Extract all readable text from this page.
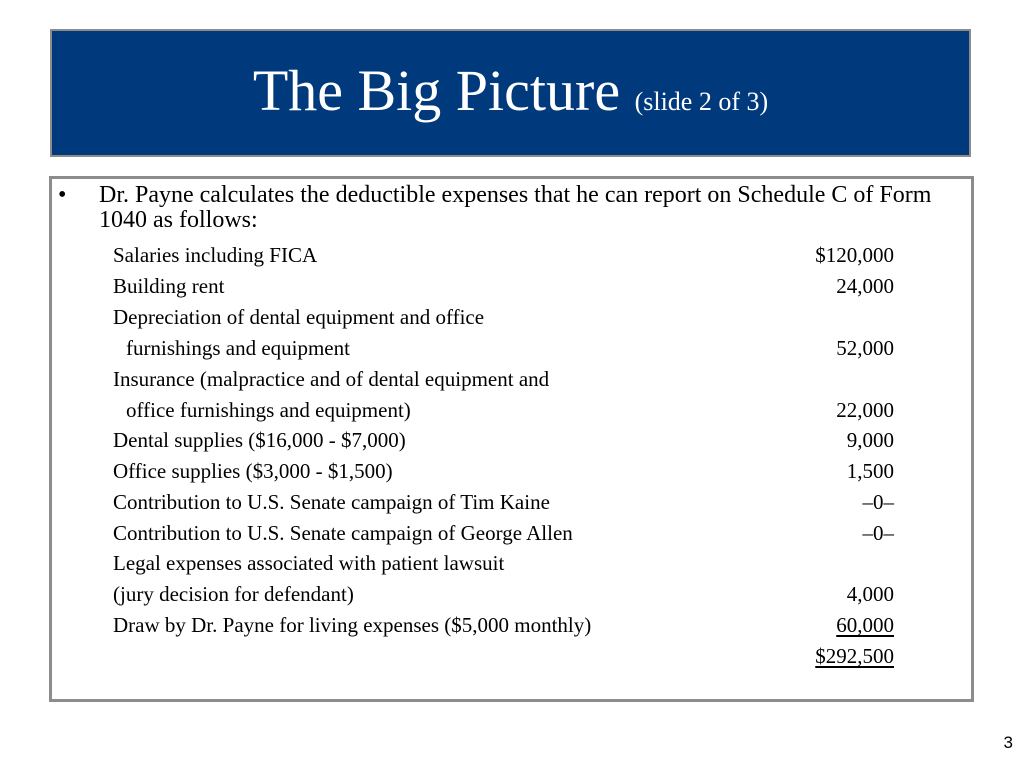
The Big Picture (slide 2 of 3)
• Dr. Payne calculates the deductible expenses that he can report on Schedule C of Form 1040 as follows:
Salaries including FICA	$120,000
Building rent	24,000
Depreciation of dental equipment and office
furnishings and equipment	52,000
Insurance (malpractice and of dental equipment and
office furnishings and equipment)	22,000
Dental supplies ($16,000 - $7,000)	9,000
Office supplies ($3,000 - $1,500)	1,500
Contribution to U.S. Senate campaign of Tim Kaine	–0–
Contribution to U.S. Senate campaign of George Allen	–0–
Legal expenses associated with patient lawsuit
(jury decision for defendant)	4,000
Draw by Dr. Payne for living expenses ($5,000 monthly)	60,000
$292,500
3
